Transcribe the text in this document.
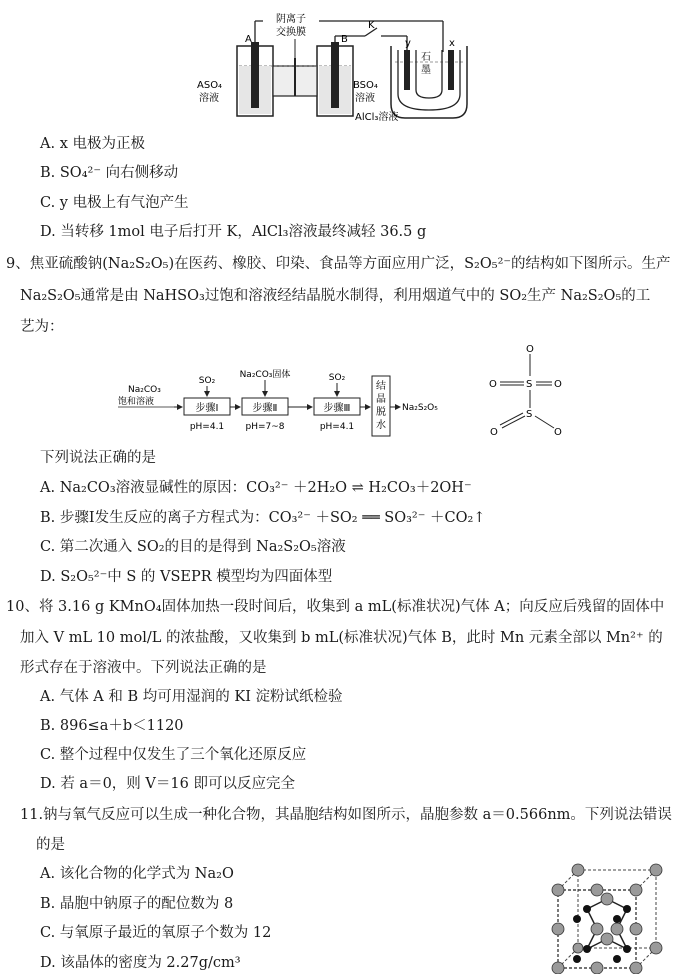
阴离子
交换膜
K
A	B
ASO₄
溶液
BSO₄
溶液
y	x
石
墨
AlCl₃溶液
A. x 电极为正极
B. SO₄²⁻ 向右侧移动
C. y 电极上有气泡产生
D. 当转移 1mol 电子后打开 K，AlCl₃溶液最终减轻 36.5 g
9、焦亚硫酸钠(Na₂S₂O₅)在医药、橡胶、印染、食品等方面应用广泛，S₂O₅²⁻的结构如下图所示。生产
Na₂S₂O₅通常是由 NaHSO₃过饱和溶液经结晶脱水制得，利用烟道气中的 SO₂生产 Na₂S₂O₅的工
艺为：
Na₂CO₃
饱和溶液
步骤Ⅰ
SO₂
pH=4.1
步骤Ⅱ
Na₂CO₃固体
pH=7~8
步骤Ⅲ
SO₂
pH=4.1
结
晶
脱
水
Na₂S₂O₅
O
O	S O
S
O	O
下列说法正确的是
A. Na₂CO₃溶液显碱性的原因：CO₃²⁻ ＋2H₂O ⇌ H₂CO₃＋2OH⁻
B. 步骤Ⅰ发生反应的离子方程式为：CO₃²⁻ ＋SO₂ ══ SO₃²⁻ ＋CO₂↑
C. 第二次通入 SO₂的目的是得到 Na₂S₂O₅溶液
D. S₂O₅²⁻中 S 的 VSEPR 模型均为四面体型
10、将 3.16 g KMnO₄固体加热一段时间后，收集到 a mL(标准状况)气体 A；向反应后残留的固体中
加入 V mL 10 mol/L 的浓盐酸，又收集到 b mL(标准状况)气体 B，此时 Mn 元素全部以 Mn²⁺ 的
形式存在于溶液中。下列说法正确的是
A. 气体 A 和 B 均可用湿润的 KI 淀粉试纸检验
B. 896≤a＋b＜1120
C. 整个过程中仅发生了三个氧化还原反应
D. 若 a＝0，则 V＝16 即可以反应完全
11.钠与氧气反应可以生成一种化合物，其晶胞结构如图所示，晶胞参数 a＝0.566nm。下列说法错误
的是
A. 该化合物的化学式为 Na₂O
B. 晶胞中钠原子的配位数为 8
C. 与氧原子最近的氧原子个数为 12
D. 该晶体的密度为 2.27g/cm³
